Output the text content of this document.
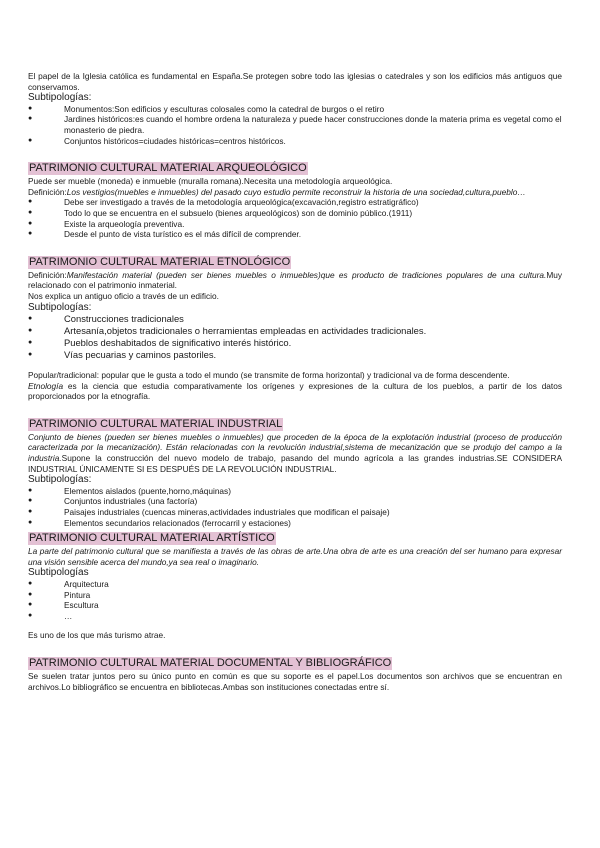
El papel de la Iglesia católica es fundamental en España.Se protegen sobre todo las iglesias o catedrales y son los edificios más antiguos que conservamos.

Subtipologías:

●	Monumentos:Son edificios y esculturas colosales como la catedral de burgos o el retiro
●	Jardines históricos:es cuando el hombre ordena la naturaleza y puede hacer construcciones donde la materia prima es vegetal como el monasterio de piedra.
●	Conjuntos históricos=ciudades históricas=centros históricos.
PATRIMONIO CULTURAL MATERIAL ARQUEOLÓGICO

Puede ser mueble (moneda) e inmueble (muralla romana).Necesita una metodología arqueológica.

Definición:Los vestigios(muebles e inmuebles) del pasado cuyo estudio permite reconstruir la historia de una sociedad,cultura,pueblo…

●	Debe ser investigado a través de la metodología arqueológica(excavación,registro estratigráfico)
●	Todo lo que se encuentra en el subsuelo (bienes arqueológicos) son de dominio público.(1911)
●	Existe la arqueología preventiva.
●	Desde el punto de vista turístico es el más difícil de comprender.
PATRIMONIO CULTURAL MATERIAL ETNOLÓGICO

Definición:Manifestación material (pueden ser bienes muebles o inmuebles)que es producto de tradiciones populares de una cultura.Muy relacionado con el patrimonio inmaterial.

Nos explica un antiguo oficio a través de un edificio.

Subtipologías:

●	Construcciones tradicionales
●	Artesanía,objetos tradicionales o herramientas empleadas en actividades tradicionales.
●	Pueblos deshabitados de significativo interés histórico.
●	Vías pecuarias y caminos pastoriles.

Popular/tradicional: popular que le gusta a todo el mundo (se transmite de forma horizontal) y tradicional va de forma descendente.

Etnología es la ciencia que estudia comparativamente los orígenes y expresiones de la cultura de los pueblos, a partir de los datos proporcionados por la etnografía.

PATRIMONIO CULTURAL MATERIAL INDUSTRIAL

Conjunto de bienes (pueden ser bienes muebles o inmuebles) que proceden de la época de la explotación industrial (proceso de producción caracterizada por la mecanización). Están relacionadas con la revolución industrial,sistema de mecanización que se produjo del campo a la industria.Supone la construcción del nuevo modelo de trabajo, pasando del mundo agrícola a las grandes industrias.SE CONSIDERA INDUSTRIAL ÚNICAMENTE SI ES DESPUÉS DE LA REVOLUCIÓN INDUSTRIAL.

Subtipologías:

●	Elementos aislados (puente,horno,máquinas)
●	Conjuntos industriales (una factoría)
●	Paisajes industriales (cuencas mineras,actividades industriales que modifican el paisaje)
●	Elementos secundarios relacionados (ferrocarril y estaciones)
PATRIMONIO CULTURAL MATERIAL ARTÍSTICO

La parte del patrimonio cultural que se manifiesta a través de las obras de arte.Una obra de arte es una creación del ser humano para expresar una visión sensible acerca del mundo,ya sea real o imaginario.

Subtipologías

●	Arquitectura
●	Pintura
●	Escultura
●	…

Es uno de los que más turismo atrae.

PATRIMONIO CULTURAL MATERIAL DOCUMENTAL Y BIBLIOGRÁFICO

Se suelen tratar juntos pero su único punto en común es que su soporte es el papel.Los documentos son archivos que se encuentran en archivos.Lo bibliográfico se encuentra en bibliotecas.Ambas son instituciones conectadas entre sí.
